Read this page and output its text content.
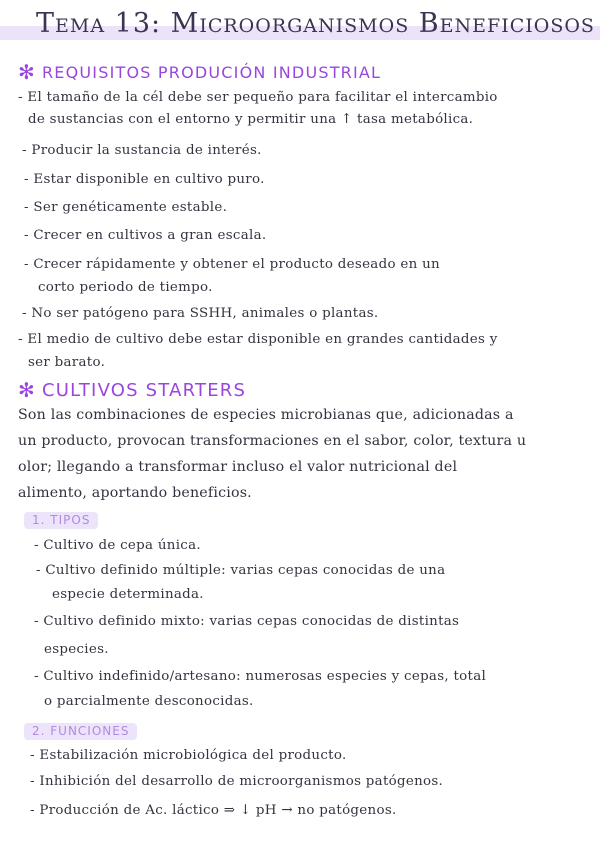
Tema 13: Microorganismos Beneficiosos
✻ REQUISITOS PRODUCIÓN INDUSTRIAL
- El tamaño de la cél debe ser pequeño para facilitar el intercambio
de sustancias con el entorno y permitir una ↑ tasa metabólica.
- Producir la sustancia de interés.
- Estar disponible en cultivo puro.
- Ser genéticamente estable.
- Crecer en cultivos a gran escala.
- Crecer rápidamente y obtener el producto deseado en un
corto periodo de tiempo.
- No ser patógeno para SSHH, animales o plantas.
- El medio de cultivo debe estar disponible en grandes cantidades y
ser barato.
✻ CULTIVOS STARTERS
Son las combinaciones de especies microbianas que, adicionadas a
un producto, provocan transformaciones en el sabor, color, textura u
olor; llegando a transformar incluso el valor nutricional del
alimento, aportando beneficios.
1. TIPOS
- Cultivo de cepa única.
- Cultivo definido múltiple: varias cepas conocidas de una
especie determinada.
- Cultivo definido mixto: varias cepas conocidas de distintas
especies.
- Cultivo indefinido/artesano: numerosas especies y cepas, total
o parcialmente desconocidas.
2. FUNCIONES
- Estabilización microbiológica del producto.
- Inhibición del desarrollo de microorganismos patógenos.
- Producción de Ac. láctico ⇒ ↓ pH → no patógenos.
